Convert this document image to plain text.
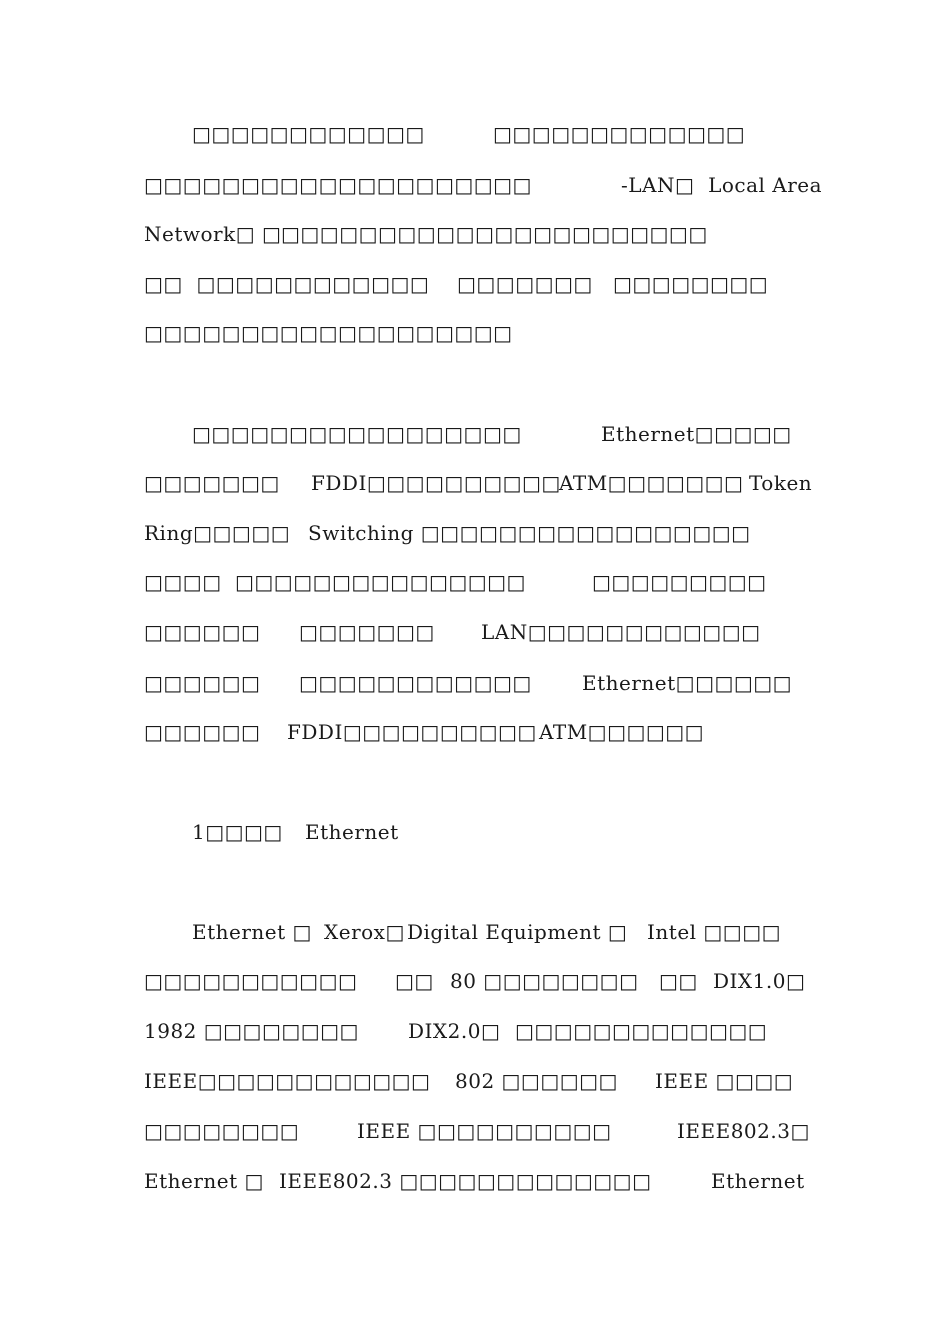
□□□□□□□□□□□□	□□□□□□□□□□□□□
□□□□□□□□□□□□□□□□□□□□	-LAN□  Local Area
Network□ □ □□□□□□□□□□□□□□□□□□□□□□
□□  □□□□□□□□□□□□ □□□□□□□ □□□□□□□□
□□□□□□□□□□□□□□□□□□□
□□□□□□□□□□□□□□□□□	Ethernet□□□□□
□□□□□□□ FDDI□□□□□□□□□□
ATM□□□□□□□ Token
Ring□□□□□ Switching □□□□□□□□□□□□□□□□□
□□□□ □□□□□□□□□□□□□□□	□□□□□□□□□
□□□□□□ □□□□□□□ LAN□□□□□□□□□□□□
□□□□□□ □□□□□□□□□□□□	Ethernet□□□□□□
□□□□□□ FDDI□□□□□□□□□□ ATM□□□□□□
1□□□□ Ethernet
Ethernet □ Xerox□ Digital Equipment □ Intel □□□□
□□□□□□□□□□□ □□ 80 □□□□□□□□ □□ DIX1.0□
1982 □□□□□□□□ DIX2.0□ □□□□□□□□□□□□□
IEEE□□□□□□□□□□□□ 802 □□□□□□ IEEE □□□□
□□□□□□□□	IEEE □□□□□□□□□□	IEEE802.3□
Ethernet □ IEEE802.3 □□□□□□□□□□□□□	Ethernet
